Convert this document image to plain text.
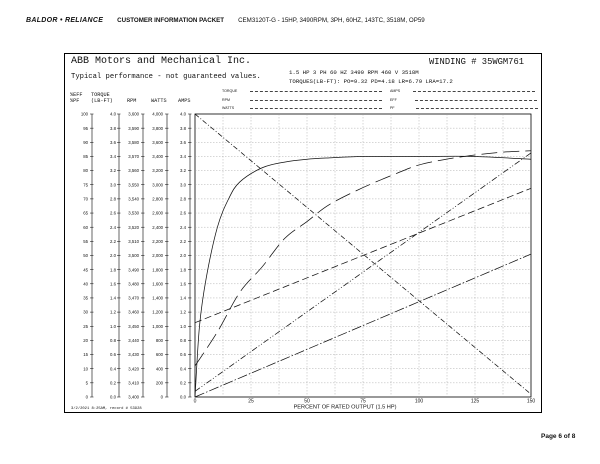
BALDOR • RELIANCE CUSTOMER INFORMATION PACKET CEM3120T-G - 15HP, 3490RPM, 3PH, 60HZ, 143TC, 3518M, OP59
ABB Motors and Mechanical Inc.
Typical performance - not guaranteed values.
WINDING # 35WGM761
1.5 HP 3 PH 60 HZ 3490 RPM 460 V 3518M
TORQUES(LB-FT): PO=9.32 PD=4.18 LR=6.79 LRA=17.2
TORQUE
RPM
WATTS
AMPS
EFF
PF
%EFF
%PF
TORQUE
(LB-FT)	RPM	WATTS AMPS
0
5
10
15
20
25
30
35
40
45
50
55
60
65
70
75
80
85
90
95
100
0.0
0.2
0.4
0.6
0.8
1.0
1.2
1.4
1.6
1.8
2.0
2.2
2.4
2.6
2.8
3.0
3.2
3.4
3.6
3.8
4.0
3,400
3,410
3,420
3,430
3,440
3,450
3,460
3,470
3,480
3,490
3,500
3,510
3,520
3,530
3,540
3,550
3,560
3,570
3,580
3,590
3,600
0
200
400
600
800
1,000
1,200
1,400
1,600
1,800
2,000
2,200
2,400
2,600
2,800
3,000
3,200
3,400
3,600
3,800
4,000
0.0
0.2
0.4
0.6
0.8
1.0
1.2
1.4
1.6
1.8
2.0
2.2
2.4
2.6
2.8
3.0
3.2
3.4
3.6
3.8
4.0
0	25	50	75	100	125	150
PERCENT OF RATED OUTPUT (1.5 HP)
3/2/2021 8:25AM, record # 53928
Page 6 of 8
